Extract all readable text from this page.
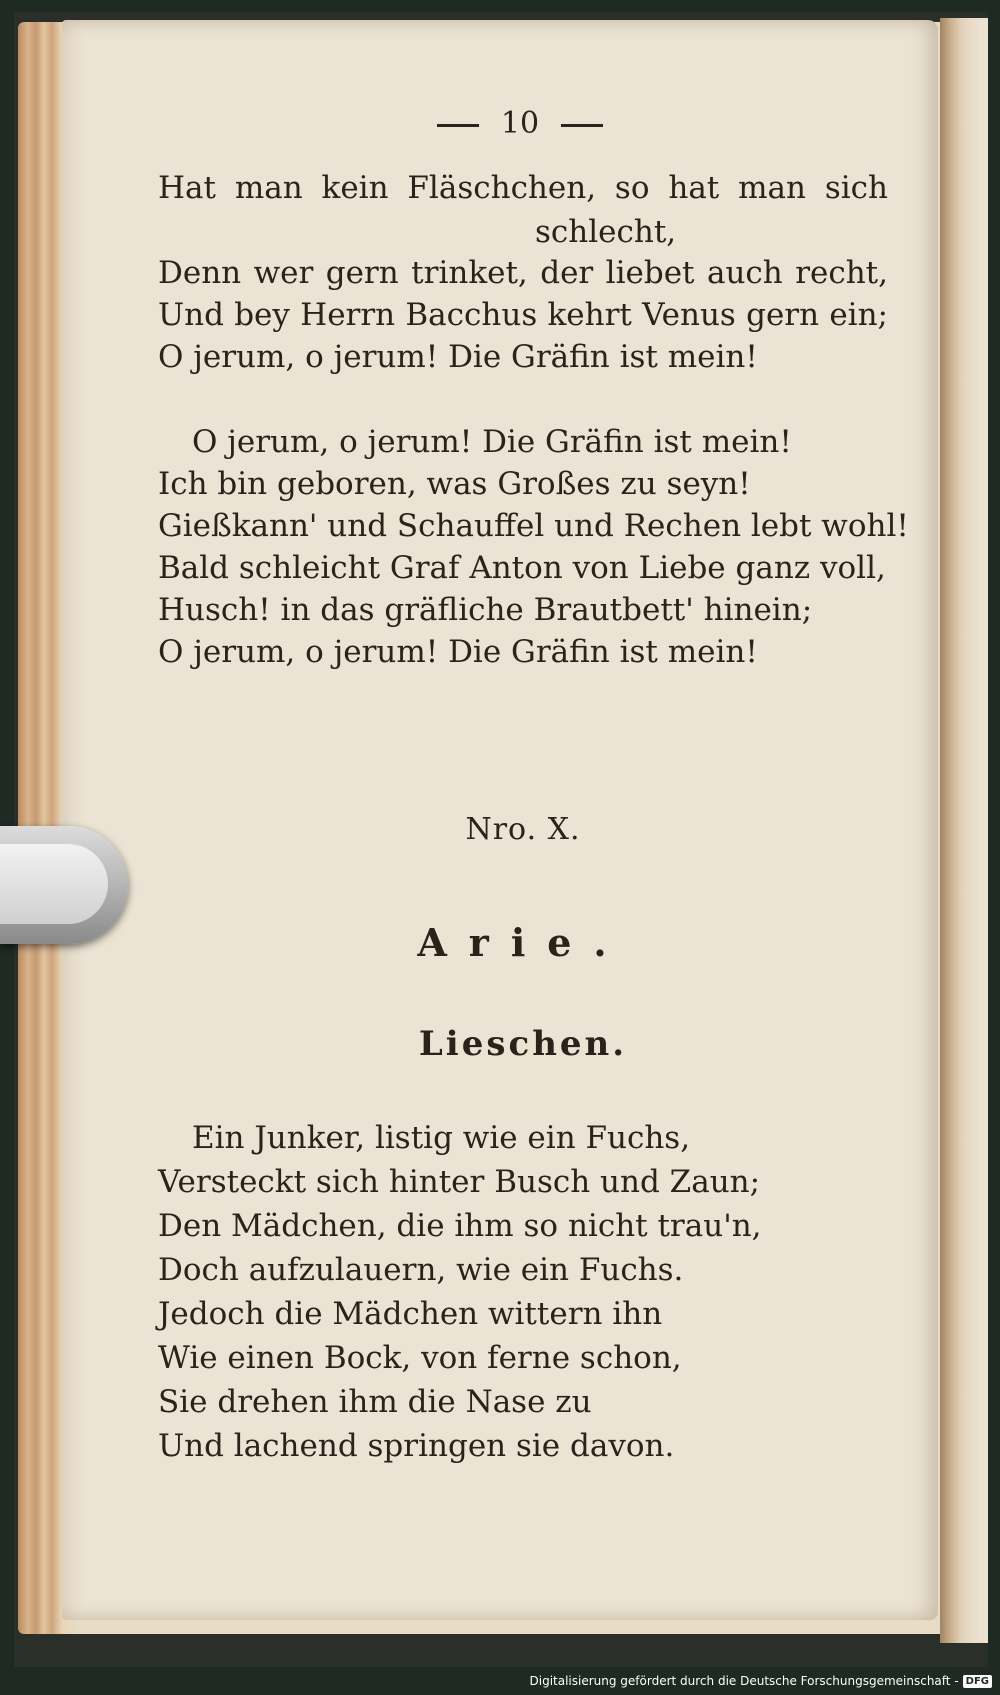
10
Hat man kein Fläschchen, so hat man sich
schlecht,
Denn wer gern trinket, der liebet auch recht,
Und bey Herrn Bacchus kehrt Venus gern ein;
O jerum, o jerum! Die Gräfin ist mein!
O jerum, o jerum! Die Gräfin ist mein!
Ich bin geboren, was Großes zu seyn!
Gießkann' und Schauffel und Rechen lebt wohl!
Bald schleicht Graf Anton von Liebe ganz voll,
Husch! in das gräfliche Brautbett' hinein;
O jerum, o jerum! Die Gräfin ist mein!
Nro. X.
Arie.
Lieschen.
Ein Junker, listig wie ein Fuchs,
Versteckt sich hinter Busch und Zaun;
Den Mädchen, die ihm so nicht trau'n,
Doch aufzulauern, wie ein Fuchs.
Jedoch die Mädchen wittern ihn
Wie einen Bock, von ferne schon,
Sie drehen ihm die Nase zu
Und lachend springen sie davon.
Digitalisierung gefördert durch die Deutsche Forschungsgemeinschaft - DFG
